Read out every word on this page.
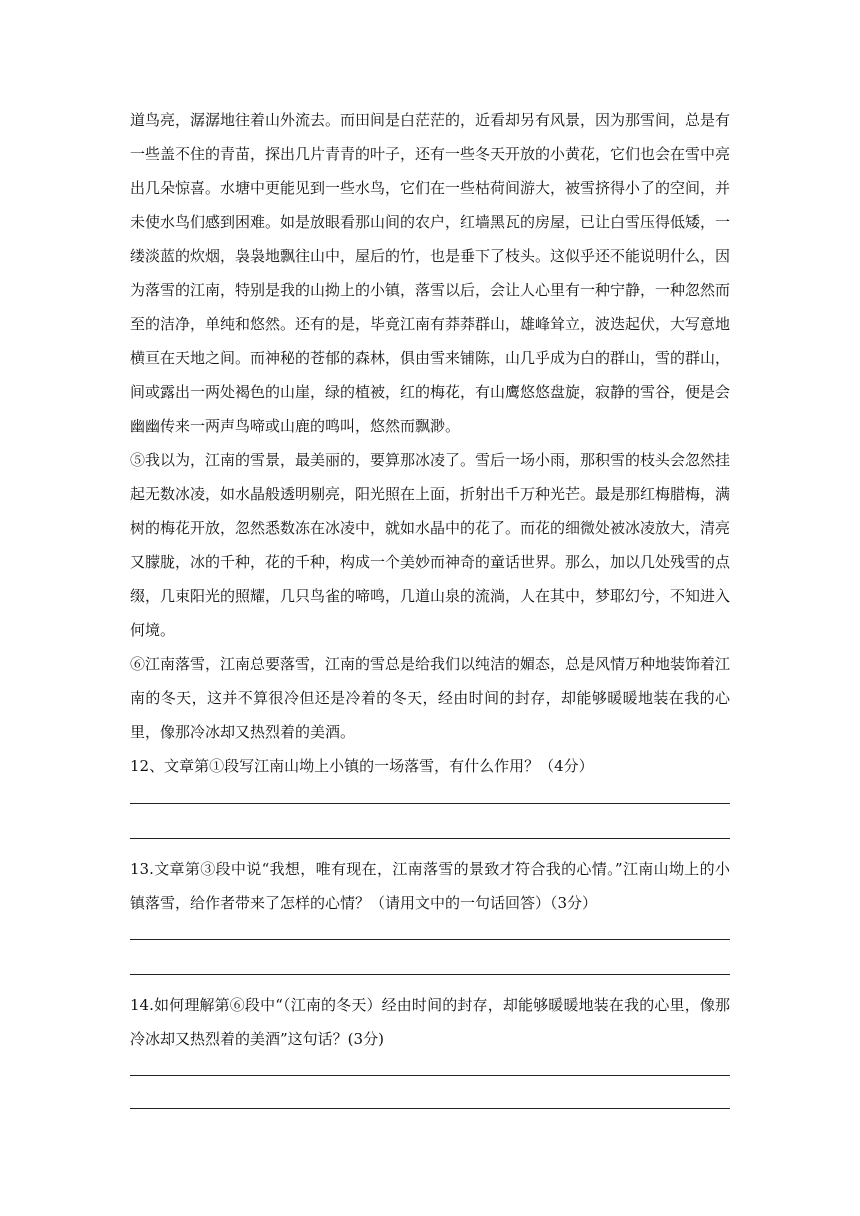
道鸟亮，潺潺地往着山外流去。而田间是白茫茫的，近看却另有风景，因为那雪间，总是有一些盖不住的青苗，探出几片青青的叶子，还有一些冬天开放的小黄花，它们也会在雪中亮出几朵惊喜。水塘中更能见到一些水鸟，它们在一些枯荷间游大，被雪挤得小了的空间，并未使水鸟们感到困难。如是放眼看那山间的农户，红墙黑瓦的房屋，已让白雪压得低矮，一缕淡蓝的炊烟，袅袅地飘往山中，屋后的竹，也是垂下了枝头。这似乎还不能说明什么，因为落雪的江南，特别是我的山拗上的小镇，落雪以后，会让人心里有一种宁静，一种忽然而至的洁净，单纯和悠然。还有的是，毕竟江南有莽莽群山，雄峰耸立，波迭起伏，大写意地横亘在天地之间。而神秘的苍郁的森林，俱由雪来铺陈，山几乎成为白的群山，雪的群山，间或露出一两处褐色的山崖，绿的植被，红的梅花，有山鹰悠悠盘旋，寂静的雪谷，便是会幽幽传来一两声鸟啼或山鹿的鸣叫，悠然而飘渺。
⑤我以为，江南的雪景，最美丽的，要算那冰凌了。雪后一场小雨，那积雪的枝头会忽然挂起无数冰凌，如水晶般透明剔亮，阳光照在上面，折射出千万种光芒。最是那红梅腊梅，满树的梅花开放，忽然悉数冻在冰凌中，就如水晶中的花了。而花的细微处被冰凌放大，清亮又朦胧，冰的千种，花的千种，构成一个美妙而神奇的童话世界。那么，加以几处残雪的点缀，几束阳光的照耀，几只鸟雀的啼鸣，几道山泉的流淌，人在其中，梦耶幻兮，不知进入何境。
⑥江南落雪，江南总要落雪，江南的雪总是给我们以纯洁的媚态，总是风情万种地装饰着江南的冬天，这并不算很冷但还是冷着的冬天，经由时间的封存，却能够暖暖地装在我的心里，像那冷冰却又热烈着的美酒。
12、文章第①段写江南山坳上小镇的一场落雪，有什么作用？（4分）
13.文章第③段中说“我想，唯有现在，江南落雪的景致才符合我的心情。”江南山坳上的小镇落雪，给作者带来了怎样的心情？（请用文中的一句话回答）（3分）
14.如何理解第⑥段中“（江南的冬天）经由时间的封存，却能够暖暖地装在我的心里，像那冷冰却又热烈着的美酒”这句话？(3分)
